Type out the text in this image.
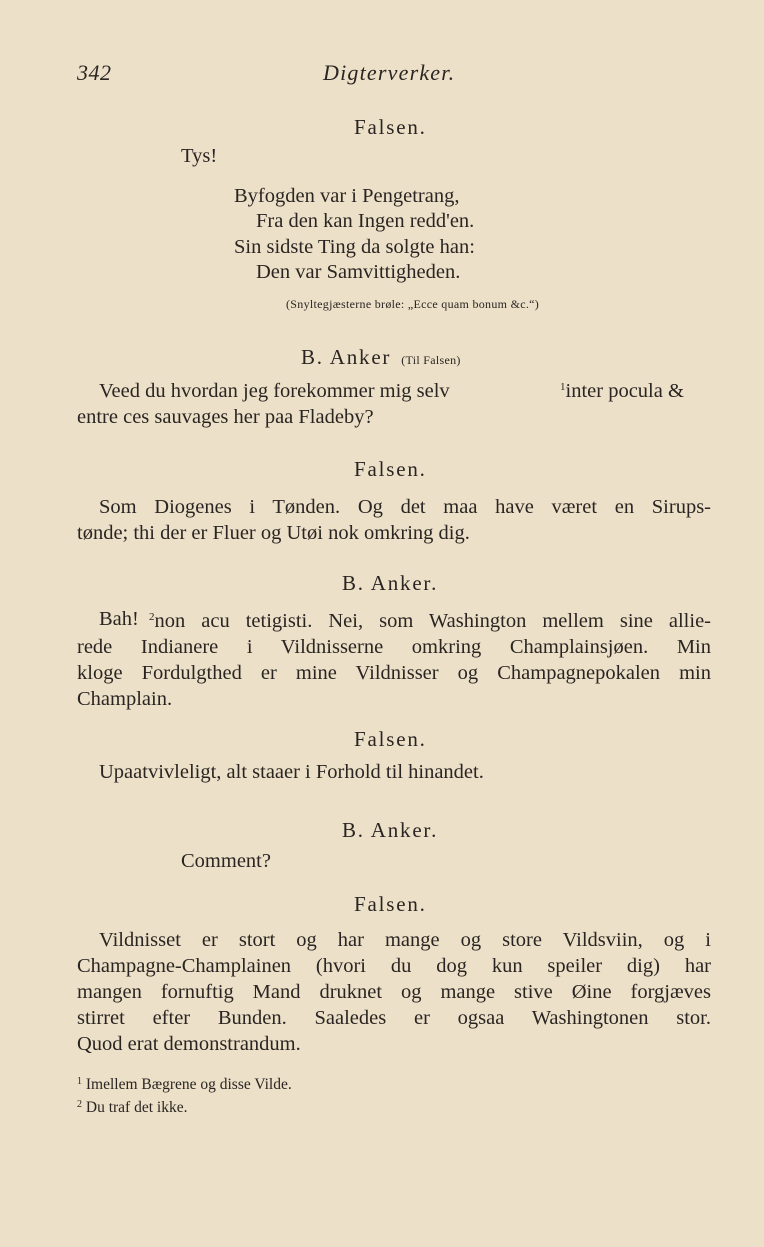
342	Digterverker.
Falsen.
Tys!
Byfogden var i Pengetrang,
Fra den kan Ingen redd'en.
Sin sidste Ting da solgte han:
Den var Samvittigheden.
(Snyltegjæsterne brøle: „Ecce quam bonum &c.“)
B. Anker (Til Falsen)
Veed du hvordan jeg forekommer mig selv	$^1$inter pocula &
entre ces sauvages her paa Fladeby?
Falsen.
Som Diogenes i Tønden. Og det maa have været en Sirups-
tønde; thi der er Fluer og Utøi nok omkring dig.
B. Anker.
Bah! $^2$non acu tetigisti. Nei, som Washington mellem sine allie-
rede Indianere i Vildnisserne omkring Champlainsjøen. Min
kloge Fordulgthed er mine Vildnisser og Champagnepokalen min
Champlain.
Falsen.
Upaatvivleligt, alt staaer i Forhold til hinandet.
B. Anker.
Comment?
Falsen.
Vildnisset er stort og har mange og store Vildsviin, og i
Champagne-Champlainen (hvori du dog kun speiler dig) har
mangen fornuftig Mand druknet og mange stive Øine forgjæves
stirret efter Bunden. Saaledes er ogsaa Washingtonen stor.
Quod erat demonstrandum.
$^1$ Imellem Bægrene og disse Vilde.
$^2$ Du traf det ikke.
